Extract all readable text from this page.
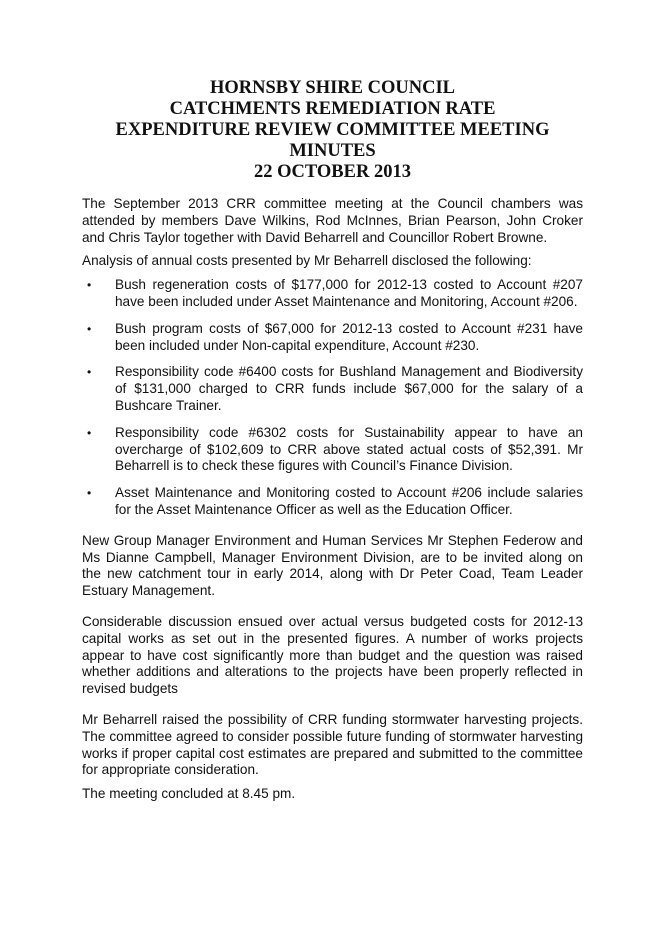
HORNSBY SHIRE COUNCIL
CATCHMENTS REMEDIATION RATE
EXPENDITURE REVIEW COMMITTEE MEETING
MINUTES
22 OCTOBER 2013

The September 2013 CRR committee meeting at the Council chambers was attended by members Dave Wilkins, Rod McInnes, Brian Pearson, John Croker and Chris Taylor together with David Beharrell and Councillor Robert Browne.

Analysis of annual costs presented by Mr Beharrell disclosed the following:

• Bush regeneration costs of $177,000 for 2012-13 costed to Account #207 have been included under Asset Maintenance and Monitoring, Account #206.
• Bush program costs of $67,000 for 2012-13 costed to Account #231 have been included under Non-capital expenditure, Account #230.
• Responsibility code #6400 costs for Bushland Management and Biodiversity of $131,000 charged to CRR funds include $67,000 for the salary of a Bushcare Trainer.
• Responsibility code #6302 costs for Sustainability appear to have an overcharge of $102,609 to CRR above stated actual costs of $52,391. Mr Beharrell is to check these figures with Council’s Finance Division.
• Asset Maintenance and Monitoring costed to Account #206 include salaries for the Asset Maintenance Officer as well as the Education Officer.

New Group Manager Environment and Human Services Mr Stephen Federow and Ms Dianne Campbell, Manager Environment Division, are to be invited along on the new catchment tour in early 2014, along with Dr Peter Coad, Team Leader Estuary Management.

Considerable discussion ensued over actual versus budgeted costs for 2012-13 capital works as set out in the presented figures. A number of works projects appear to have cost significantly more than budget and the question was raised whether additions and alterations to the projects have been properly reflected in revised budgets

Mr Beharrell raised the possibility of CRR funding stormwater harvesting projects. The committee agreed to consider possible future funding of stormwater harvesting works if proper capital cost estimates are prepared and submitted to the committee for appropriate consideration.

The meeting concluded at 8.45 pm.
